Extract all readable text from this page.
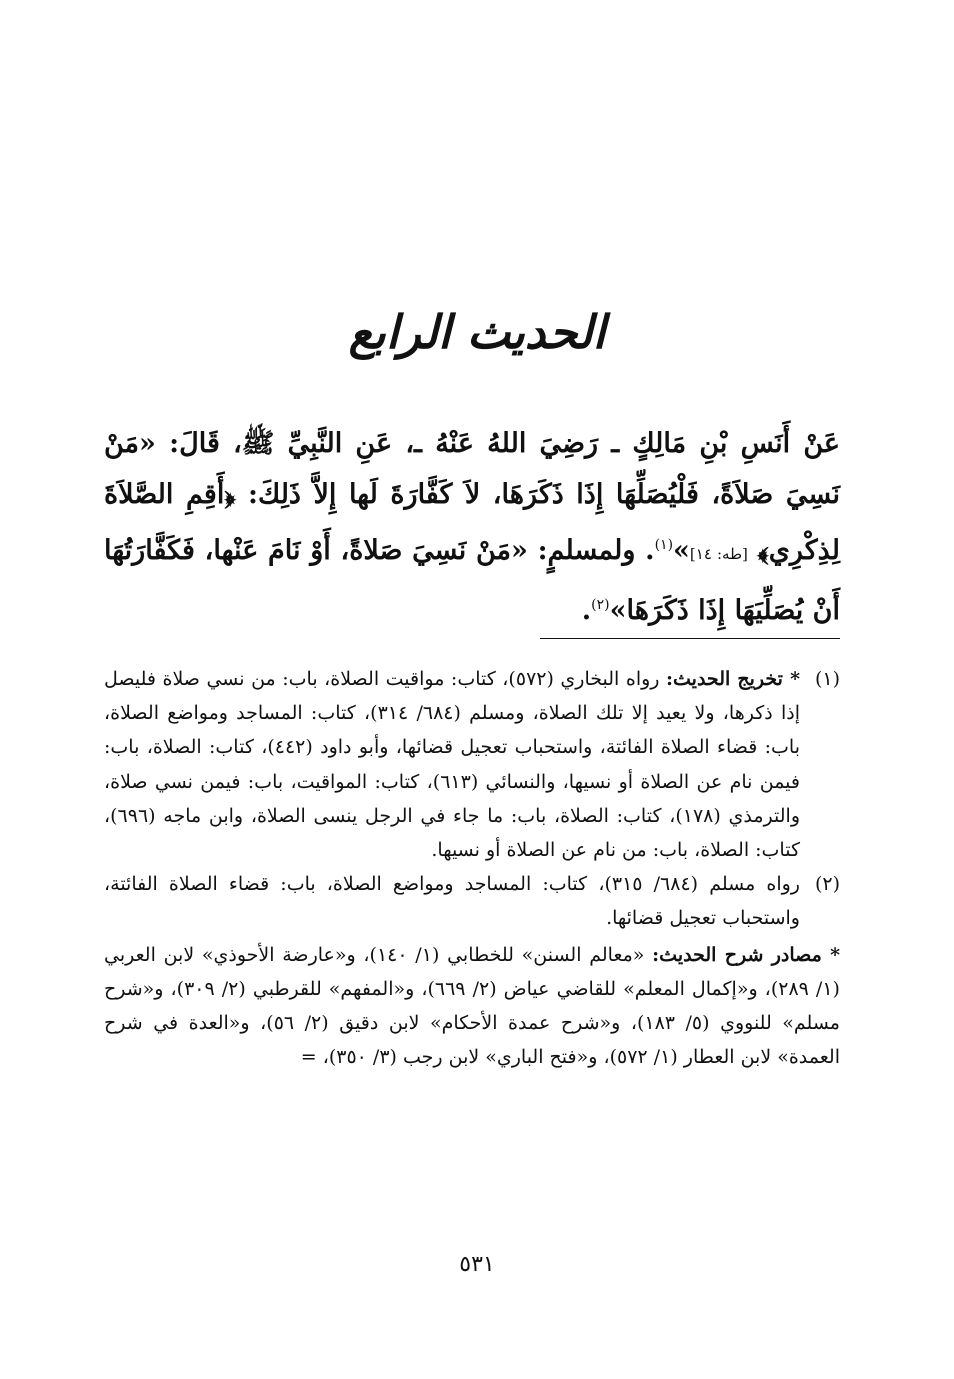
الحديث الرابع
عَنْ أَنَسِ بْنِ مَالِكٍ ـ رَضِيَ اللهُ عَنْهُ ـ، عَنِ النَّبِيِّ ﷺ، قَالَ: «مَنْ نَسِيَ صَلاَةً، فَلْيُصَلِّهَا إِذَا ذَكَرَهَا، لاَ كَفَّارَةَ لَها إِلاَّ ذَلِكَ: ﴿أَقِمِ الصَّلاَةَ لِذِكْرِي﴾ [طه: ١٤]»$^{(١)}$. ولمسلمٍ: «مَنْ نَسِيَ صَلاةً، أَوْ نَامَ عَنْها، فَكَفَّارَتُهَا أَنْ يُصَلِّيَهَا إِذَا ذَكَرَهَا»$^{(٢)}$.
(١)
* تخريج الحديث: رواه البخاري (٥٧٢)، كتاب: مواقيت الصلاة، باب: من نسي صلاة فليصل إذا ذكرها، ولا يعيد إلا تلك الصلاة، ومسلم (٦٨٤/ ٣١٤)، كتاب: المساجد ومواضع الصلاة، باب: قضاء الصلاة الفائتة، واستحباب تعجيل قضائها، وأبو داود (٤٤٢)، كتاب: الصلاة، باب: فيمن نام عن الصلاة أو نسيها، والنسائي (٦١٣)، كتاب: المواقيت، باب: فيمن نسي صلاة، والترمذي (١٧٨)، كتاب: الصلاة، باب: ما جاء في الرجل ينسى الصلاة، وابن ماجه (٦٩٦)، كتاب: الصلاة، باب: من نام عن الصلاة أو نسيها.
(٢)
رواه مسلم (٦٨٤/ ٣١٥)، كتاب: المساجد ومواضع الصلاة، باب: قضاء الصلاة الفائتة، واستحباب تعجيل قضائها.
* مصادر شرح الحديث: «معالم السنن» للخطابي (١/ ١٤٠)، و«عارضة الأحوذي» لابن العربي (١/ ٢٨٩)، و«إكمال المعلم» للقاضي عياض (٢/ ٦٦٩)، و«المفهم» للقرطبي (٢/ ٣٠٩)، و«شرح مسلم» للنووي (٥/ ١٨٣)، و«شرح عمدة الأحكام» لابن دقيق (٢/ ٥٦)، و«العدة في شرح العمدة» لابن العطار (١/ ٥٧٢)، و«فتح الباري» لابن رجب (٣/ ٣٥٠)، =
٥٣١
